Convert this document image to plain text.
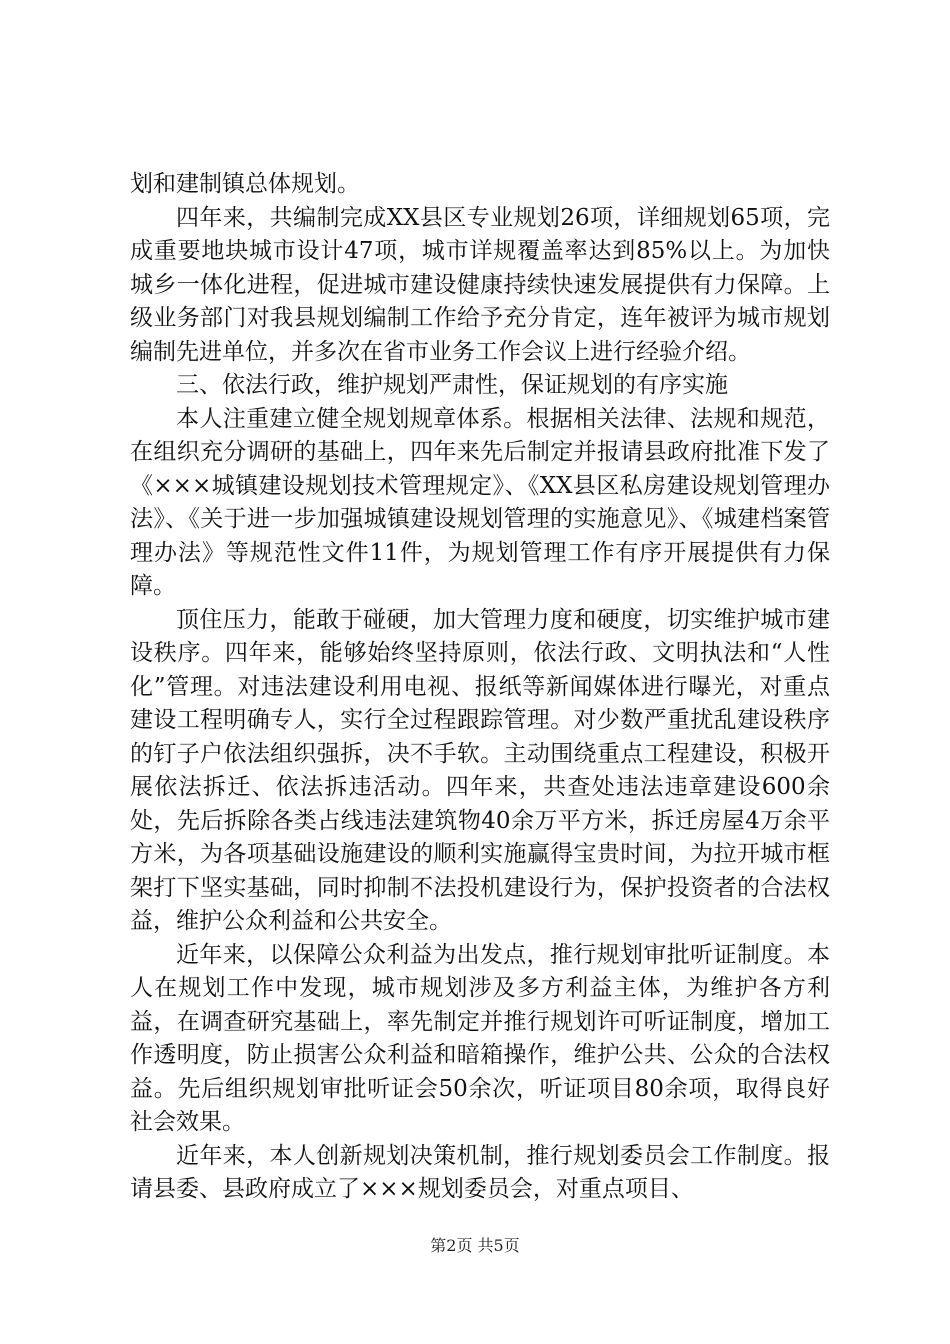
划和建制镇总体规划。

四年来，共编制完成XX县区专业规划26项，详细规划65项，完成重要地块城市设计47项，城市详规覆盖率达到85%以上。为加快城乡一体化进程，促进城市建设健康持续快速发展提供有力保障。上级业务部门对我县规划编制工作给予充分肯定，连年被评为城市规划编制先进单位，并多次在省市业务工作会议上进行经验介绍。

三、依法行政，维护规划严肃性，保证规划的有序实施

本人注重建立健全规划规章体系。根据相关法律、法规和规范，在组织充分调研的基础上，四年来先后制定并报请县政府批准下发了《×××城镇建设规划技术管理规定》、《XX县区私房建设规划管理办法》、《关于进一步加强城镇建设规划管理的实施意见》、《城建档案管理办法》等规范性文件11件，为规划管理工作有序开展提供有力保障。

顶住压力，能敢于碰硬，加大管理力度和硬度，切实维护城市建设秩序。四年来，能够始终坚持原则，依法行政、文明执法和“人性化”管理。对违法建设利用电视、报纸等新闻媒体进行曝光，对重点建设工程明确专人，实行全过程跟踪管理。对少数严重扰乱建设秩序的钉子户依法组织强拆，决不手软。主动围绕重点工程建设，积极开展依法拆迁、依法拆违活动。四年来，共查处违法违章建设600余处，先后拆除各类占线违法建筑物40余万平方米，拆迁房屋4万余平方米，为各项基础设施建设的顺利实施赢得宝贵时间，为拉开城市框架打下坚实基础，同时抑制不法投机建设行为，保护投资者的合法权益，维护公众利益和公共安全。

近年来，以保障公众利益为出发点，推行规划审批听证制度。本人在规划工作中发现，城市规划涉及多方利益主体，为维护各方利益，在调查研究基础上，率先制定并推行规划许可听证制度，增加工作透明度，防止损害公众利益和暗箱操作，维护公共、公众的合法权益。先后组织规划审批听证会50余次，听证项目80余项，取得良好社会效果。

近年来，本人创新规划决策机制，推行规划委员会工作制度。报请县委、县政府成立了×××规划委员会，对重点项目、

第2页 共5页
